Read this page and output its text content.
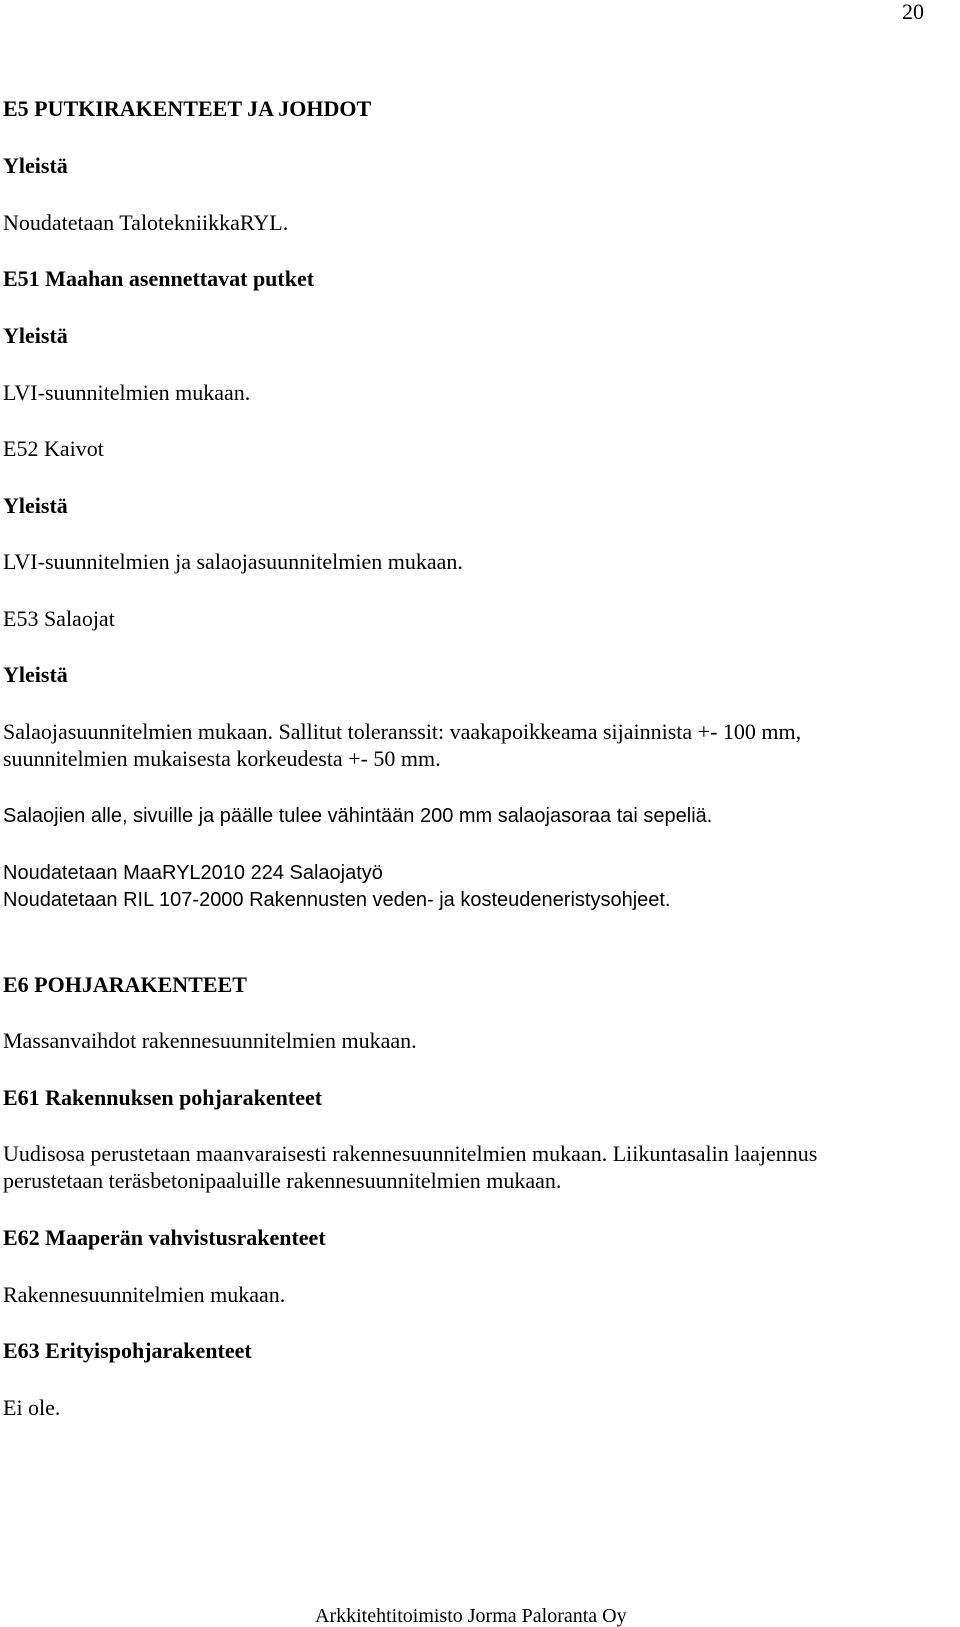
20
E5 PUTKIRAKENTEET JA JOHDOT
Yleistä
Noudatetaan TalotekniikkaRYL.
E51 Maahan asennettavat putket
Yleistä
LVI-suunnitelmien mukaan.
E52 Kaivot
Yleistä
LVI-suunnitelmien ja salaojasuunnitelmien mukaan.
E53 Salaojat
Yleistä
Salaojasuunnitelmien mukaan. Sallitut toleranssit: vaakapoikkeama sijainnista +- 100 mm,
suunnitelmien mukaisesta korkeudesta +- 50 mm.
Salaojien alle, sivuille ja päälle tulee vähintään 200 mm salaojasoraa tai sepeliä.
Noudatetaan MaaRYL2010 224 Salaojatyö
Noudatetaan RIL 107-2000 Rakennusten veden- ja kosteudeneristysohjeet.
E6 POHJARAKENTEET
Massanvaihdot rakennesuunnitelmien mukaan.
E61 Rakennuksen pohjarakenteet
Uudisosa perustetaan maanvaraisesti rakennesuunnitelmien mukaan. Liikuntasalin laajennus
perustetaan teräsbetonipaaluille rakennesuunnitelmien mukaan.
E62 Maaperän vahvistusrakenteet
Rakennesuunnitelmien mukaan.
E63 Erityispohjarakenteet
Ei ole.
Arkkitehtitoimisto Jorma Paloranta Oy
